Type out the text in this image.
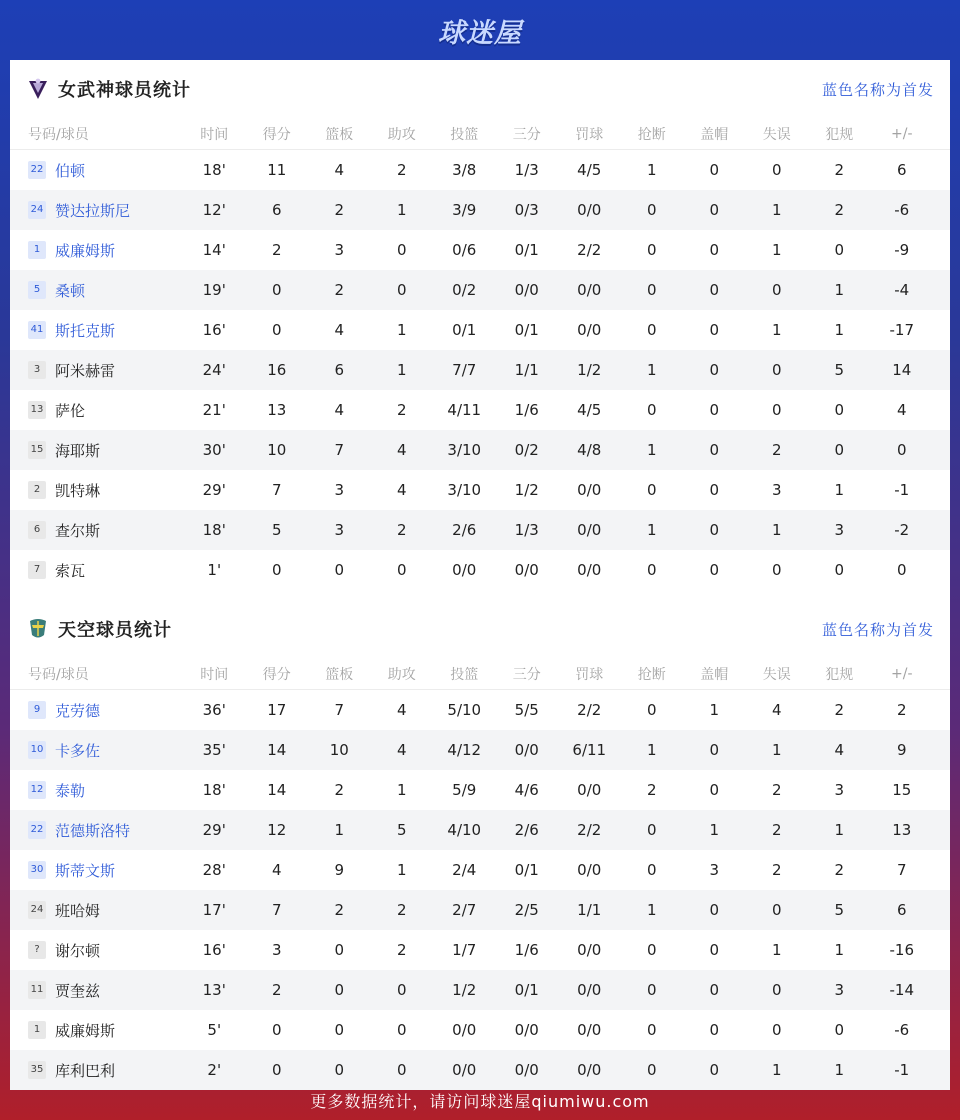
球迷屋
女武神球员统计	蓝色名称为首发
号码/球员	时间	得分	篮板	助攻	投篮	三分	罚球	抢断	盖帽	失误	犯规	+/-
22 伯顿	18'	11	4	2	3/8	1/3	4/5	1	0	0	2	6
24 赞达拉斯尼	12'	6	2	1	3/9	0/3	0/0	0	0	1	2	-6
1 威廉姆斯	14'	2	3	0	0/6	0/1	2/2	0	0	1	0	-9
5 桑顿	19'	0	2	0	0/2	0/0	0/0	0	0	0	1	-4
41 斯托克斯	16'	0	4	1	0/1	0/1	0/0	0	0	1	1	-17
3 阿米赫雷	24'	16	6	1	7/7	1/1	1/2	1	0	0	5	14
13 萨伦	21'	13	4	2	4/11	1/6	4/5	0	0	0	0	4
15 海耶斯	30'	10	7	4	3/10	0/2	4/8	1	0	2	0	0
2 凯特琳	29'	7	3	4	3/10	1/2	0/0	0	0	3	1	-1
6 查尔斯	18'	5	3	2	2/6	1/3	0/0	1	0	1	3	-2
7 索瓦	1'	0	0	0	0/0	0/0	0/0	0	0	0	0	0
天空球员统计	蓝色名称为首发
号码/球员	时间	得分	篮板	助攻	投篮	三分	罚球	抢断	盖帽	失误	犯规	+/-
9 克劳德	36'	17	7	4	5/10	5/5	2/2	0	1	4	2	2
10 卡多佐	35'	14	10	4	4/12	0/0	6/11	1	0	1	4	9
12 泰勒	18'	14	2	1	5/9	4/6	0/0	2	0	2	3	15
22 范德斯洛特	29'	12	1	5	4/10	2/6	2/2	0	1	2	1	13
30 斯蒂文斯	28'	4	9	1	2/4	0/1	0/0	0	3	2	2	7
24 班哈姆	17'	7	2	2	2/7	2/5	1/1	1	0	0	5	6
?	谢尔顿	16'	3	0	2	1/7	1/6	0/0	0	0	1	1	-16
11 贾奎兹	13'	2	0	0	1/2	0/1	0/0	0	0	0	3	-14
1 威廉姆斯	5'	0	0	0	0/0	0/0	0/0	0	0	0	0	-6
35 库利巴利	2'	0	0	0	0/0	0/0	0/0	0	0	1	1	-1
更多数据统计，请访问球迷屋qiumiwu.com
